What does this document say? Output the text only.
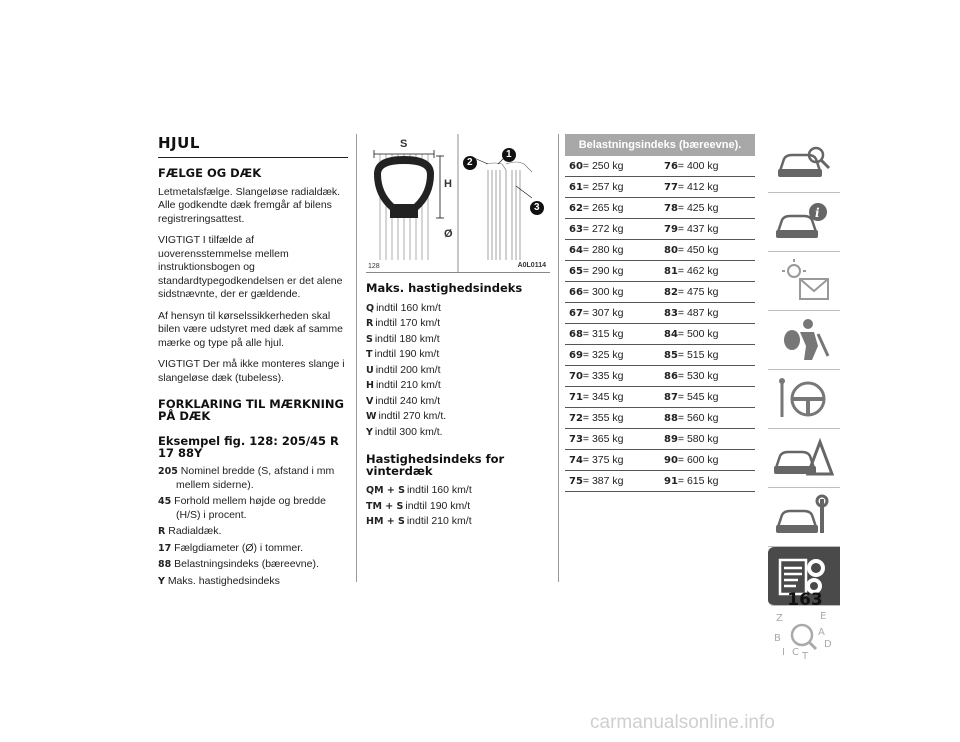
HJUL
FÆLGE OG DÆK

Letmetalsfælge. Slangeløse radialdæk. Alle godkendte dæk fremgår af bilens registreringsattest.

VIGTIGT I tilfælde af uoverensstemmelse mellem instruktionsbogen og standardtypegodkendelsen er det alene sidstnævnte, der er gældende.

Af hensyn til kørselssikkerheden skal bilen være udstyret med dæk af samme mærke og type på alle hjul.

VIGTIGT Der må ikke monteres slange i slangeløse dæk (tubeless).

FORKLARING TIL MÆRKNING PÅ DÆK
Eksempel fig. 128: 205/45 R 17 88Y
205 Nominel bredde (S, afstand i mm mellem siderne).
45 Forhold mellem højde og bredde (H/S) i procent.
R Radialdæk.
17 Fælgdiameter (Ø) i tommer.
88 Belastningsindeks (bæreevne).
Y Maks. hastighedsindeks
S
H
Ø
2
1
3
128	A0L0114
Maks. hastighedsindeks

Q indtil 160 km/t

R indtil 170 km/t

S indtil 180 km/t

T indtil 190 km/t

U indtil 200 km/t

H indtil 210 km/t

V indtil 240 km/t

W indtil 270 km/t.

Y indtil 300 km/t.

Hastighedsindeks for vinterdæk

QM + S indtil 160 km/t

TM + S indtil 190 km/t

HM + S indtil 210 km/t

Belastningsindeks (bæreevne).
60= 250 kg	76= 400 kg
61= 257 kg	77= 412 kg
62= 265 kg	78= 425 kg
63= 272 kg	79= 437 kg
64= 280 kg	80= 450 kg
65= 290 kg	81= 462 kg
66= 300 kg	82= 475 kg
67= 307 kg	83= 487 kg
68= 315 kg	84= 500 kg
69= 325 kg	85= 515 kg
70= 335 kg	86= 530 kg
71= 345 kg	87= 545 kg
72= 355 kg	88= 560 kg
73= 365 kg	89= 580 kg
74= 375 kg	90= 600 kg
75= 387 kg	91= 615 kg
i
Z	E
B
A
D
I C T
163
carmanualsonline.info
